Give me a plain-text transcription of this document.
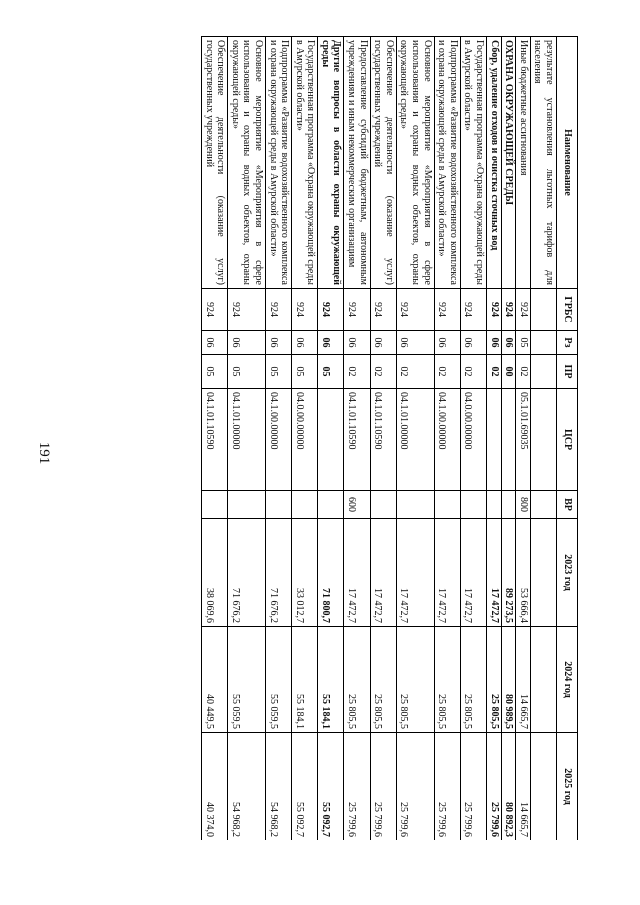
191
Наименование	ГРБС	Рз	ПР	ЦСР	ВР	2023 год	2024 год	2025 год
результате установления льготных тарифов для населения								
Иные бюджетные ассигнования	924	05	02	05.1.01.69035	800	53 666,4	14 665,7	14 665,7
ОХРАНА ОКРУЖАЮЩЕЙ СРЕДЫ	924	06	00			89 273,5	80 989,5	80 892,3
Сбор, удаление отходов и очистка сточных вод	924	06	02			17 472,7	25 805,5	25 799,6
Государственная программа «Охрана окружающей среды в Амурской области»	924	06	02	04.0.00.00000		17 472,7	25 805,5	25 799,6
Подпрограмма «Развитие водохозяйственного комплекса и охрана окружающей среды в Амурской области»	924	06	02	04.1.00.00000		17 472,7	25 805,5	25 799,6
Основное мероприятие «Мероприятия в сфере использования и охраны водных объектов, охраны окружающей среды»	924	06	02	04.1.01.00000		17 472,7	25 805,5	25 799,6
Обеспечение деятельности (оказание услуг) государственных учреждений	924	06	02	04.1.01.10590		17 472,7	25 805,5	25 799,6
Предоставление субсидий бюджетным, автономным учреждениям и иным некоммерческим организациям	924	06	02	04.1.01.10590	600	17 472,7	25 805,5	25 799,6
Другие вопросы в области охраны окружающей среды	924	06	05			71 800,7	55 184,1	55 092,7
Государственная программа «Охрана окружающей среды в Амурской области»	924	06	05	04.0.00.00000		33 012,7	55 184,1	55 092,7
Подпрограмма «Развитие водохозяйственного комплекса и охрана окружающей среды в Амурской области»	924	06	05	04.1.00.00000		71 676,2	55 059,5	54 968,2
Основное мероприятие «Мероприятия в сфере использования и охраны водных объектов, охраны окружающей среды»	924	06	05	04.1.01.00000		71 676,2	55 059,5	54 968,2
Обеспечение деятельности (оказание услуг) государственных учреждений	924	06	05	04.1.01.10590		38 069,6	40 449,5	40 374,0
